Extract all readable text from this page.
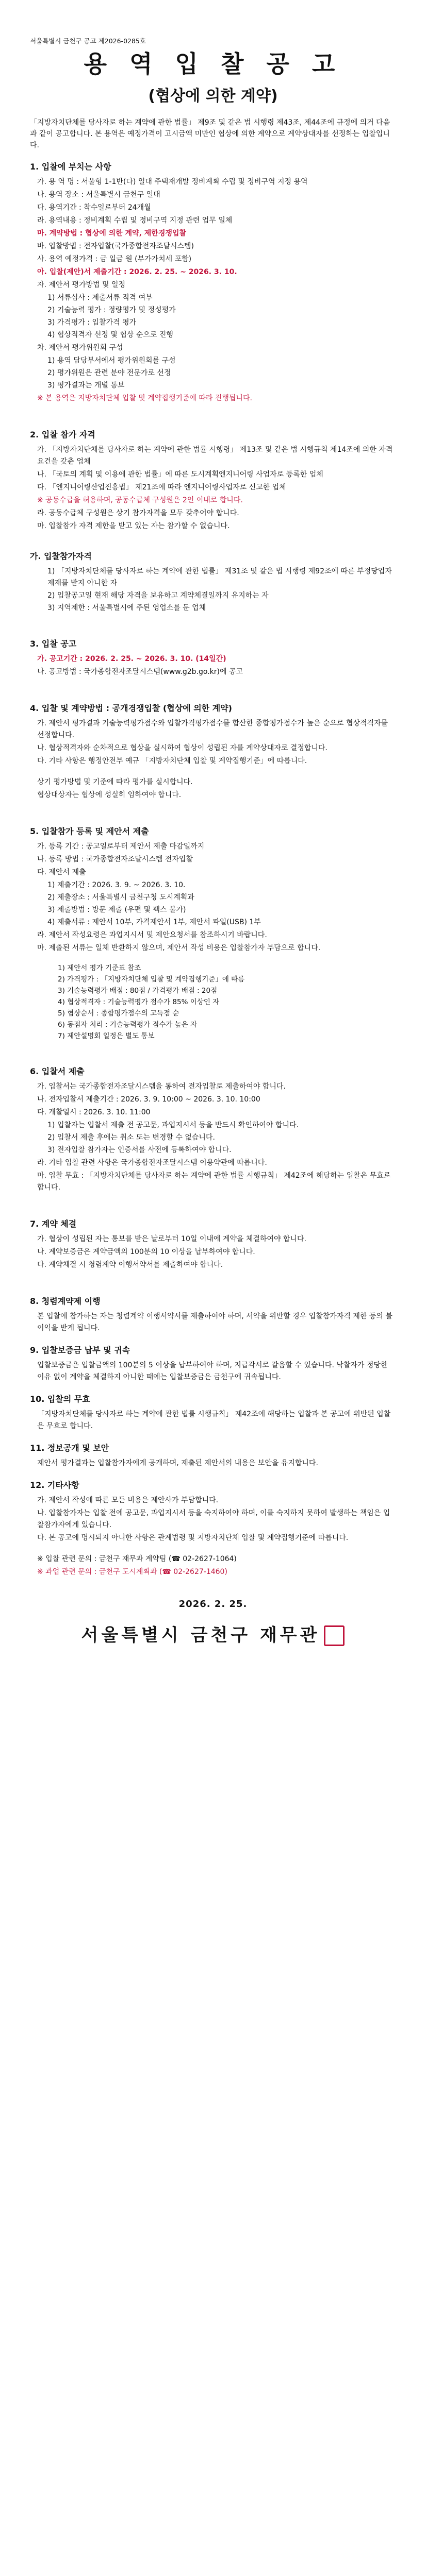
서울특별시 금천구 공고 제2026-0285호
용 역 입 찰 공 고
(협상에 의한 계약)
「지방자치단체를 당사자로 하는 계약에 관한 법률」 제9조 및 같은 법 시행령 제43조, 제44조에 규정에 의거 다음과 같이 공고합니다. 본 용역은 예정가격이 고시금액 미만인 협상에 의한 계약으로 계약상대자를 선정하는 입찰입니다.
1. 입찰에 부치는 사항
가. 용 역 명 : 서울형 1-1반(다) 일대 주택재개발 정비계획 수립 및 정비구역 지정 용역
나. 용역 장소 : 서울특별시 금천구 일대
다. 용역기간 : 착수일로부터 24개월
라. 용역내용 : 정비계획 수립 및 정비구역 지정 관련 업무 일체
마. 계약방법 : 협상에 의한 계약, 제한경쟁입찰
바. 입찰방법 : 전자입찰(국가종합전자조달시스템)
사. 용역 예정가격 : 금 일금 원 (부가가치세 포함)
아. 입찰(제안)서 제출기간 : 2026. 2. 25. ~ 2026. 3. 10.
자. 제안서 평가방법 및 일정
1) 서류심사 : 제출서류 적격 여부
2) 기술능력 평가 : 정량평가 및 정성평가
3) 가격평가 : 입찰가격 평가
4) 협상적격자 선정 및 협상 순으로 진행
차. 제안서 평가위원회 구성
1) 용역 담당부서에서 평가위원회를 구성
2) 평가위원은 관련 분야 전문가로 선정
3) 평가결과는 개별 통보
※ 본 용역은 지방자치단체 입찰 및 계약집행기준에 따라 진행됩니다.
2. 입찰 참가 자격
가. 「지방자치단체를 당사자로 하는 계약에 관한 법률 시행령」 제13조 및 같은 법 시행규칙 제14조에 의한 자격요건을 갖춘 업체
나. 「국토의 계획 및 이용에 관한 법률」에 따른 도시계획엔지니어링 사업자로 등록한 업체
다. 「엔지니어링산업진흥법」 제21조에 따라 엔지니어링사업자로 신고한 업체
※ 공동수급을 허용하며, 공동수급체 구성원은 2인 이내로 합니다.
라. 공동수급체 구성원은 상기 참가자격을 모두 갖추어야 합니다.
마. 입찰참가 자격 제한을 받고 있는 자는 참가할 수 없습니다.
가. 입찰참가자격
1) 「지방자치단체를 당사자로 하는 계약에 관한 법률」 제31조 및 같은 법 시행령 제92조에 따른 부정당업자 제재를 받지 아니한 자
2) 입찰공고일 현재 해당 자격을 보유하고 계약체결일까지 유지하는 자
3) 지역제한 : 서울특별시에 주된 영업소를 둔 업체
3. 입찰 공고
가. 공고기간 : 2026. 2. 25. ~ 2026. 3. 10. (14일간)
나. 공고방법 : 국가종합전자조달시스템(www.g2b.go.kr)에 공고
4. 입찰 및 계약방법 : 공개경쟁입찰 (협상에 의한 계약)
가. 제안서 평가결과 기술능력평가점수와 입찰가격평가점수를 합산한 종합평가점수가 높은 순으로 협상적격자를 선정합니다.
나. 협상적격자와 순차적으로 협상을 실시하여 협상이 성립된 자를 계약상대자로 결정합니다.
다. 기타 사항은 행정안전부 예규 「지방자치단체 입찰 및 계약집행기준」에 따릅니다.
상기 평가방법 및 기준에 따라 평가를 실시합니다.
협상대상자는 협상에 성실히 임하여야 합니다.
5. 입찰참가 등록 및 제안서 제출
가. 등록 기간 : 공고일로부터 제안서 제출 마감일까지
나. 등록 방법 : 국가종합전자조달시스템 전자입찰
다. 제안서 제출
1) 제출기간 : 2026. 3. 9. ~ 2026. 3. 10.
2) 제출장소 : 서울특별시 금천구청 도시계획과
3) 제출방법 : 방문 제출 (우편 및 팩스 불가)
4) 제출서류 : 제안서 10부, 가격제안서 1부, 제안서 파일(USB) 1부
라. 제안서 작성요령은 과업지시서 및 제안요청서를 참조하시기 바랍니다.
마. 제출된 서류는 일체 반환하지 않으며, 제안서 작성 비용은 입찰참가자 부담으로 합니다.
1) 제안서 평가 기준표 참조
2) 가격평가 : 「지방자치단체 입찰 및 계약집행기준」에 따름
3) 기술능력평가 배점 : 80점 / 가격평가 배점 : 20점
4) 협상적격자 : 기술능력평가 점수가 85% 이상인 자
5) 협상순서 : 종합평가점수의 고득점 순
6) 동점자 처리 : 기술능력평가 점수가 높은 자
7) 제안설명회 일정은 별도 통보
6. 입찰서 제출
가. 입찰서는 국가종합전자조달시스템을 통하여 전자입찰로 제출하여야 합니다.
나. 전자입찰서 제출기간 : 2026. 3. 9. 10:00 ~ 2026. 3. 10. 10:00
다. 개찰일시 : 2026. 3. 10. 11:00
1) 입찰자는 입찰서 제출 전 공고문, 과업지시서 등을 반드시 확인하여야 합니다.
2) 입찰서 제출 후에는 취소 또는 변경할 수 없습니다.
3) 전자입찰 참가자는 인증서를 사전에 등록하여야 합니다.
라. 기타 입찰 관련 사항은 국가종합전자조달시스템 이용약관에 따릅니다.
마. 입찰 무효 : 「지방자치단체를 당사자로 하는 계약에 관한 법률 시행규칙」 제42조에 해당하는 입찰은 무효로 합니다.
7. 계약 체결
가. 협상이 성립된 자는 통보를 받은 날로부터 10일 이내에 계약을 체결하여야 합니다.
나. 계약보증금은 계약금액의 100분의 10 이상을 납부하여야 합니다.
다. 계약체결 시 청렴계약 이행서약서를 제출하여야 합니다.
8. 청렴계약제 이행
본 입찰에 참가하는 자는 청렴계약 이행서약서를 제출하여야 하며, 서약을 위반할 경우 입찰참가자격 제한 등의 불이익을 받게 됩니다.
9. 입찰보증금 납부 및 귀속
입찰보증금은 입찰금액의 100분의 5 이상을 납부하여야 하며, 지급각서로 갈음할 수 있습니다. 낙찰자가 정당한 이유 없이 계약을 체결하지 아니한 때에는 입찰보증금은 금천구에 귀속됩니다.
10. 입찰의 무효
「지방자치단체를 당사자로 하는 계약에 관한 법률 시행규칙」 제42조에 해당하는 입찰과 본 공고에 위반된 입찰은 무효로 합니다.
11. 정보공개 및 보안
제안서 평가결과는 입찰참가자에게 공개하며, 제출된 제안서의 내용은 보안을 유지합니다.
12. 기타사항
가. 제안서 작성에 따른 모든 비용은 제안사가 부담합니다.
나. 입찰참가자는 입찰 전에 공고문, 과업지시서 등을 숙지하여야 하며, 이를 숙지하지 못하여 발생하는 책임은 입찰참가자에게 있습니다.
다. 본 공고에 명시되지 아니한 사항은 관계법령 및 지방자치단체 입찰 및 계약집행기준에 따릅니다.
※ 입찰 관련 문의 : 금천구 재무과 계약팀 (☎ 02-2627-1064)
※ 과업 관련 문의 : 금천구 도시계획과 (☎ 02-2627-1460)
2026. 2. 25.
서울특별시 금천구 재무관
